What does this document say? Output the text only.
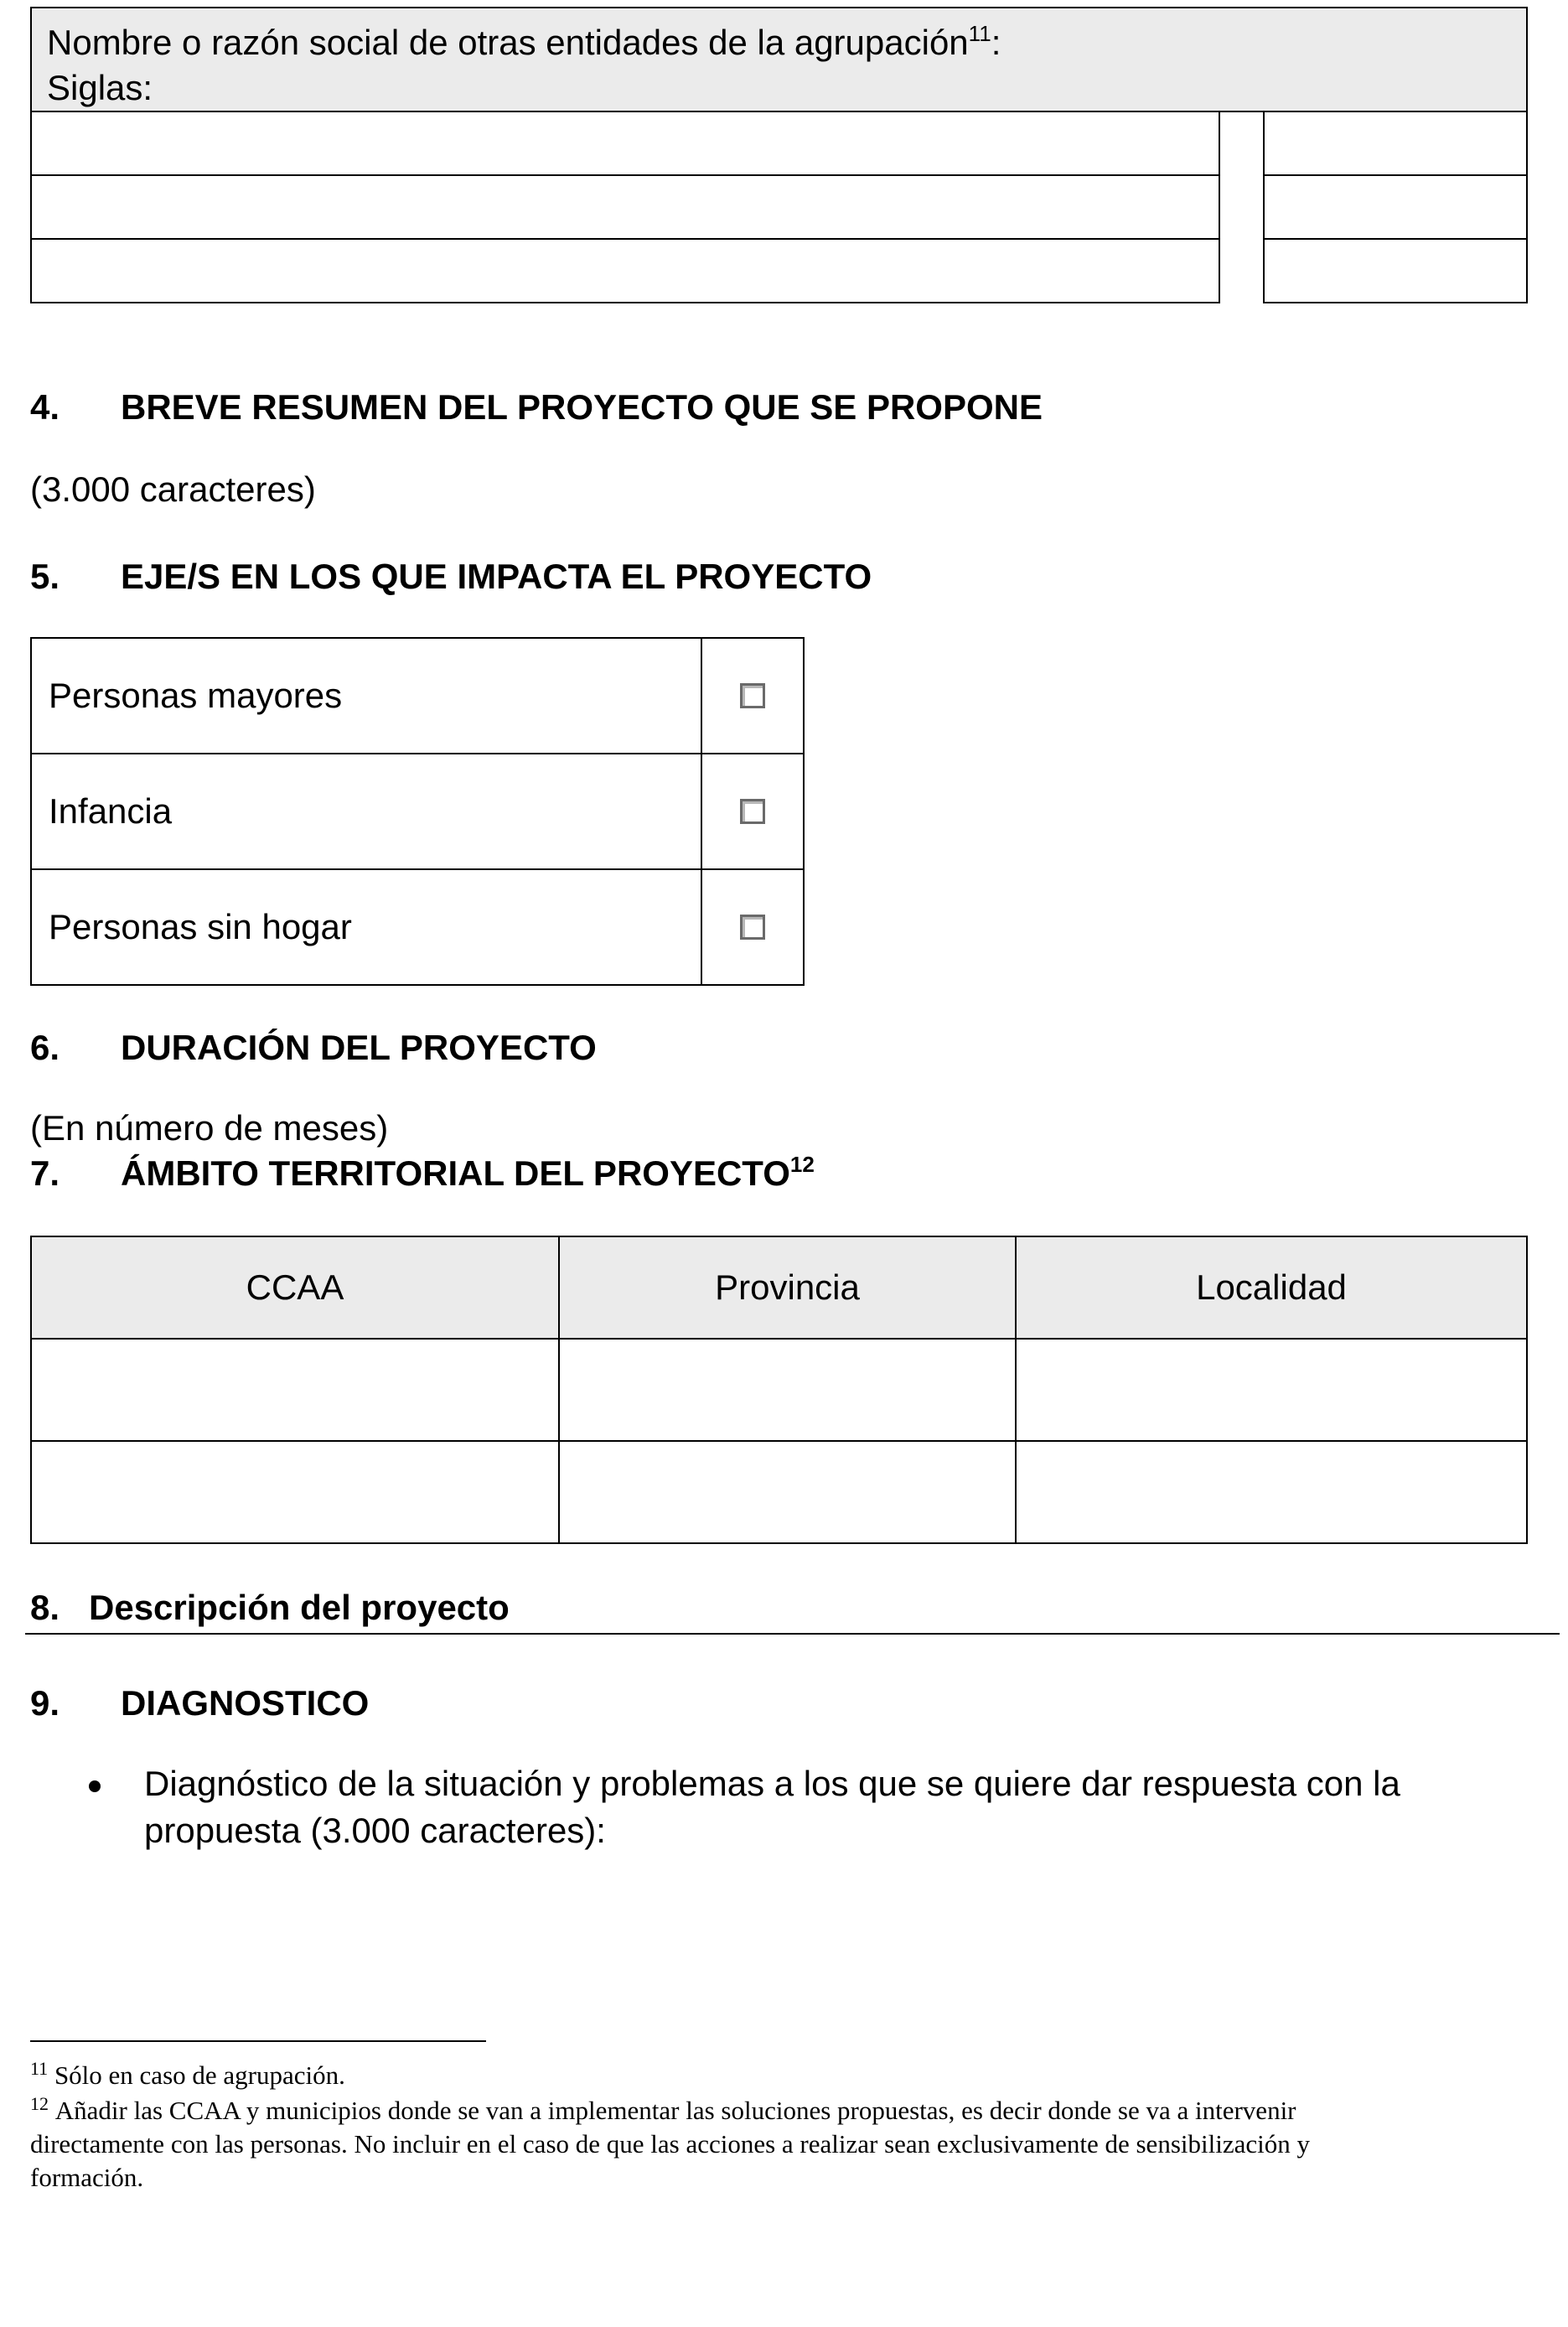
Nombre o razón social de otras entidades de la agrupación$^{11}$:
Siglas:
4. BREVE RESUMEN DEL PROYECTO QUE SE PROPONE
(3.000 caracteres)
5. EJE/S EN LOS QUE IMPACTA EL PROYECTO
Personas mayores
Infancia
Personas sin hogar
6. DURACIÓN DEL PROYECTO
(En número de meses)
7. ÁMBITO TERRITORIAL DEL PROYECTO$^{12}$
CCAA	Provincia	Localidad
8. Descripción del proyecto
9. DIAGNOSTICO
Diagnóstico de la situación y problemas a los que se quiere dar respuesta con la
propuesta (3.000 caracteres):
$^{11}$ Sólo en caso de agrupación.
$^{12}$ Añadir las CCAA y municipios donde se van a implementar las soluciones propuestas, es decir donde se va a intervenir
directamente con las personas. No incluir en el caso de que las acciones a realizar sean exclusivamente de sensibilización y
formación.
